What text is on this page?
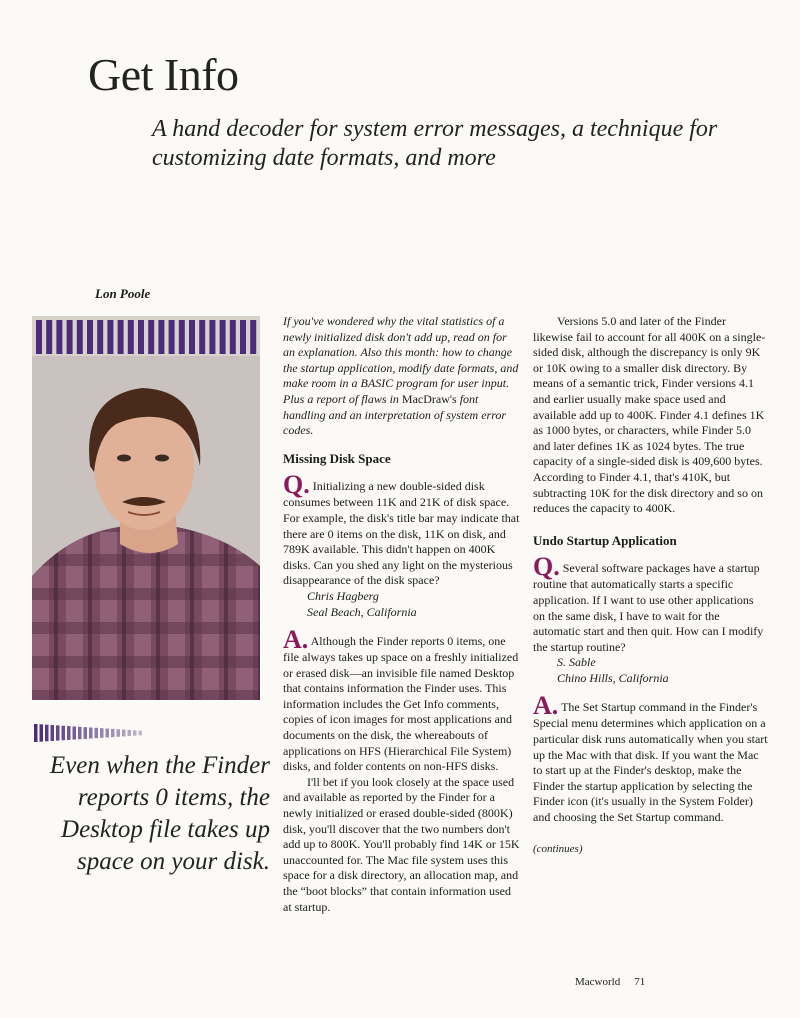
Get Info
A hand decoder for system error messages, a technique for customizing date formats, and more
Lon Poole
Even when the Finder reports 0 items, the Desktop file takes up space on your disk.

If you've wondered why the vital statistics of a newly initialized disk don't add up, read on for an explanation. Also this month: how to change the startup application, modify date formats, and make room in a BASIC program for user input. Plus a report of flaws in MacDraw's font handling and an interpretation of system error codes.

Missing Disk Space

Q. Initializing a new double-sided disk consumes between 11K and 21K of disk space. For example, the disk's title bar may indicate that there are 0 items on the disk, 11K on disk, and 789K available. This didn't happen on 400K disks. Can you shed any light on the mysterious disappearance of the disk space?

Chris Hagberg

Seal Beach, California

A. Although the Finder reports 0 items, one file always takes up space on a freshly initialized or erased disk—an invisible file named Desktop that contains information the Finder uses. This information includes the Get Info comments, copies of icon images for most applications and documents on the disk, the whereabouts of applications on HFS (Hierarchical File System) disks, and folder contents on non-HFS disks.

I'll bet if you look closely at the space used and available as reported by the Finder for a newly initialized or erased double-sided (800K) disk, you'll discover that the two numbers don't add up to 800K. You'll probably find 14K or 15K unaccounted for. The Mac file system uses this space for a disk directory, an allocation map, and the “boot blocks” that contain information used at startup.

Versions 5.0 and later of the Finder likewise fail to account for all 400K on a single-sided disk, although the discrepancy is only 9K or 10K owing to a smaller disk directory. By means of a semantic trick, Finder versions 4.1 and earlier usually make space used and available add up to 400K. Finder 4.1 defines 1K as 1000 bytes, or characters, while Finder 5.0 and later defines 1K as 1024 bytes. The true capacity of a single-sided disk is 409,600 bytes. According to Finder 4.1, that's 410K, but subtracting 10K for the disk directory and so on reduces the capacity to 400K.

Undo Startup Application

Q. Several software packages have a startup routine that automatically starts a specific application. If I want to use other applications on the same disk, I have to wait for the automatic start and then quit. How can I modify the startup routine?

S. Sable

Chino Hills, California

A. The Set Startup command in the Finder's Special menu determines which application on a particular disk runs automatically when you start up the Mac with that disk. If you want the Mac to start up at the Finder's desktop, make the Finder the startup application by selecting the Finder icon (it's usually in the System Folder) and choosing the Set Startup command.

(continues)

Macworld 71
